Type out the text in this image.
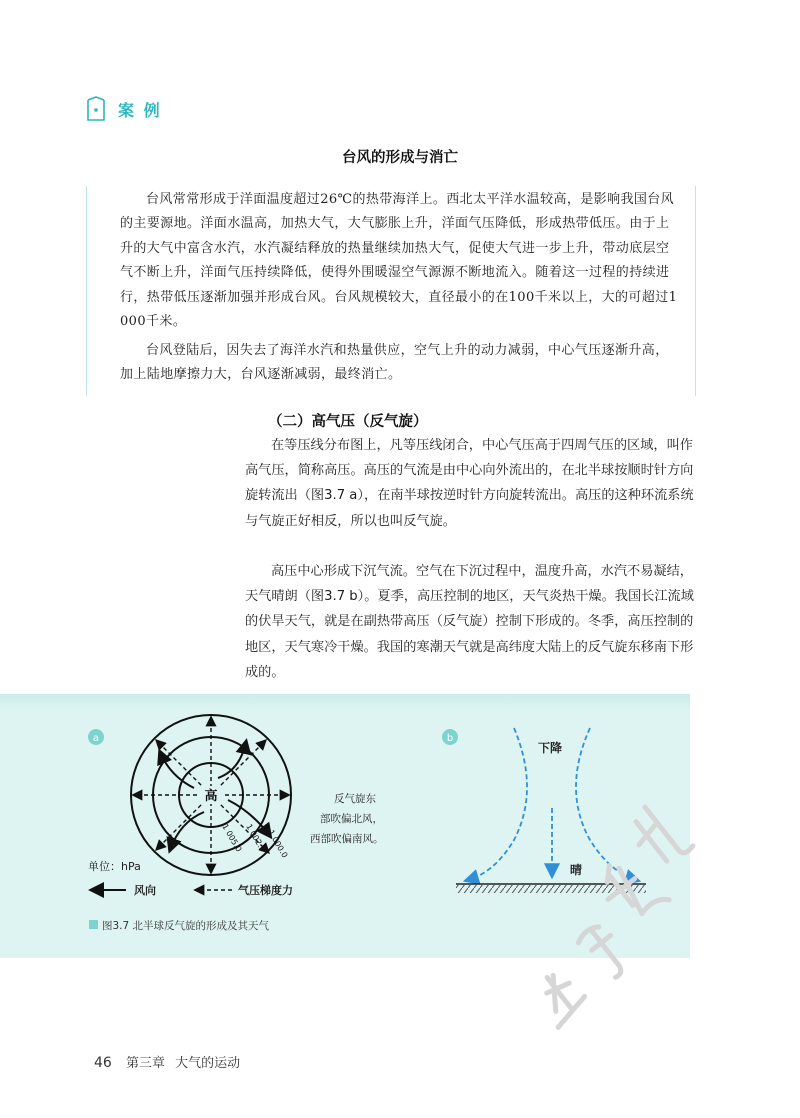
案 例
台风的形成与消亡
台风常常形成于洋面温度超过26℃的热带海洋上。西北太平洋水温较高，是影响我国台风的主要源地。洋面水温高，加热大气，大气膨胀上升，洋面气压降低，形成热带低压。由于上升的大气中富含水汽，水汽凝结释放的热量继续加热大气，促使大气进一步上升，带动底层空气不断上升，洋面气压持续降低，使得外围暖湿空气源源不断地流入。随着这一过程的持续进行，热带低压逐渐加强并形成台风。台风规模较大，直径最小的在100千米以上，大的可超过1 000千米。
台风登陆后，因失去了海洋水汽和热量供应，空气上升的动力减弱，中心气压逐渐升高，加上陆地摩擦力大，台风逐渐减弱，最终消亡。
（二）高气压（反气旋）
在等压线分布图上，凡等压线闭合，中心气压高于四周气压的区域，叫作高气压，简称高压。高压的气流是由中心向外流出的，在北半球按顺时针方向旋转流出（图3.7 a），在南半球按逆时针方向旋转流出。高压的这种环流系统与气旋正好相反，所以也叫反气旋。
高压中心形成下沉气流。空气在下沉过程中，温度升高，水汽不易凝结，天气晴朗（图3.7 b）。夏季，高压控制的地区，天气炎热干燥。我国长江流域的伏旱天气，就是在副热带高压（反气旋）控制下形成的。冬季，高压控制的地区，天气寒冷干燥。我国的寒潮天气就是高纬度大陆上的反气旋东移南下形成的。
a
高
1 005.0 1 002.5
1 000.0
反气旋东
部吹偏北风，
西部吹偏南风。
单位：hPa
风向	气压梯度力
b
下降
晴
图3.7 北半球反气旋的形成及其天气
46 第三章 大气的运动
